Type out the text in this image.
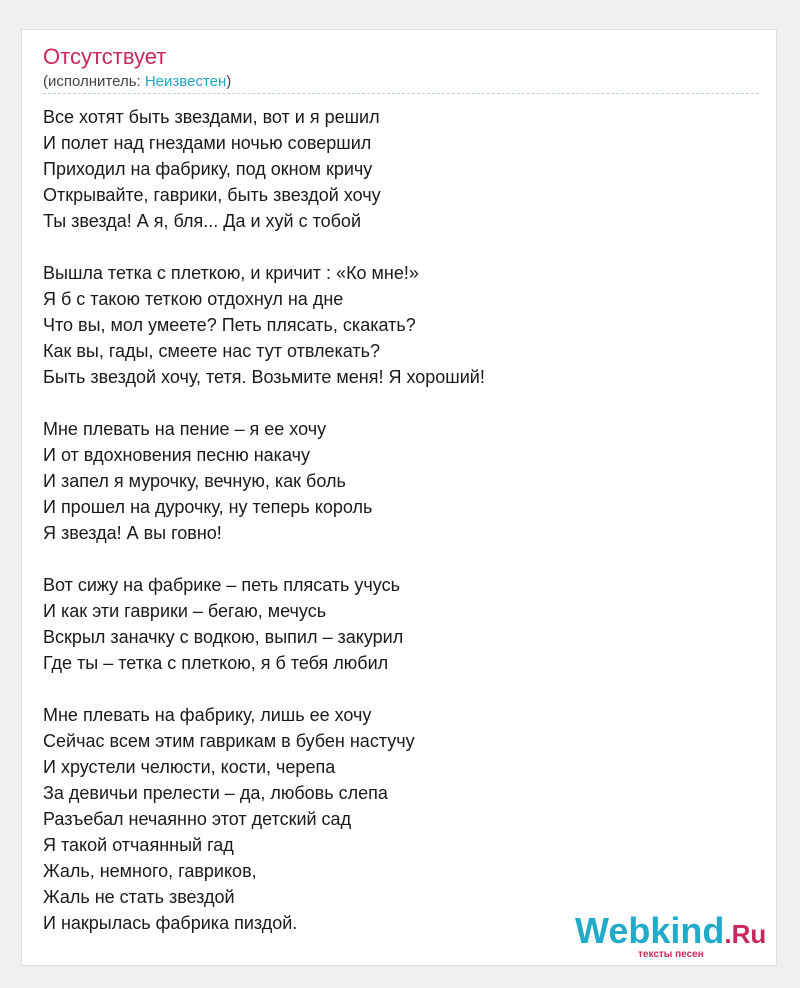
Отсутствует
(исполнитель: Неизвестен)
Все хотят быть звездами, вот и я решил
И полет над гнездами ночью совершил
Приходил на фабрику, под окном кричу
Открывайте, гаврики, быть звездой хочу
Ты звезда! А я, бля... Да и хуй с тобой
Вышла тетка с плеткою, и кричит : «Ко мне!»
Я б с такою теткою отдохнул на дне
Что вы, мол умеете? Петь плясать, скакать?
Как вы, гады, смеете нас тут отвлекать?
Быть звездой хочу, тетя. Возьмите меня! Я хороший!
Мне плевать на пение – я ее хочу
И от вдохновения песню накачу
И запел я мурочку, вечную, как боль
И прошел на дурочку, ну теперь король
Я звезда! А вы говно!
Вот сижу на фабрике – петь плясать учусь
И как эти гаврики – бегаю, мечусь
Вскрыл заначку с водкою, выпил – закурил
Где ты – тетка с плеткою, я б тебя любил
Мне плевать на фабрику, лишь ее хочу
Сейчас всем этим гаврикам в бубен настучу
И хрустели челюсти, кости, черепа
За девичьи прелести – да, любовь слепа
Разъебал нечаянно этот детский сад
Я такой отчаянный гад
Жаль, немного, гавриков,
Жаль не стать звездой
И накрылась фабрика пиздой.	Webkind.Ru
тексты песен
